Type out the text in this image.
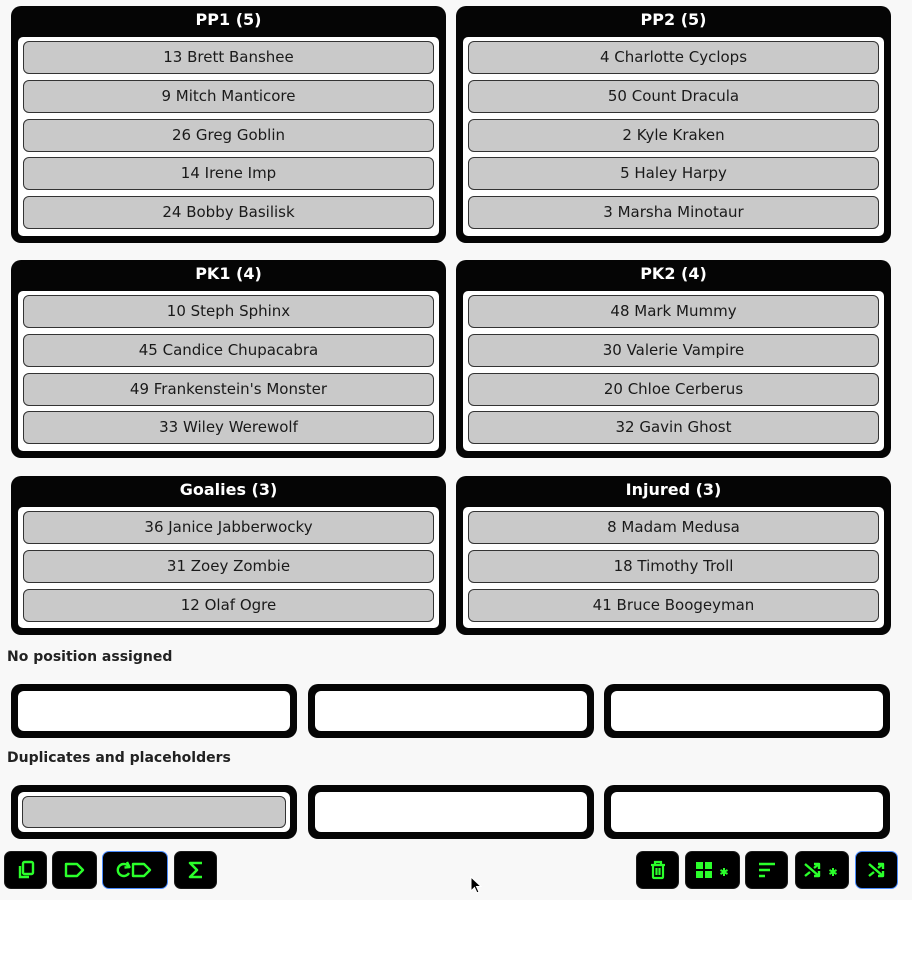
PP1 (5)
13 Brett Banshee
9 Mitch Manticore
26 Greg Goblin
14 Irene Imp
24 Bobby Basilisk
PP2 (5)
4 Charlotte Cyclops
50 Count Dracula
2 Kyle Kraken
5 Haley Harpy
3 Marsha Minotaur
PK1 (4)
10 Steph Sphinx
45 Candice Chupacabra
49 Frankenstein's Monster
33 Wiley Werewolf
PK2 (4)
48 Mark Mummy
30 Valerie Vampire
20 Chloe Cerberus
32 Gavin Ghost
Goalies (3)
36 Janice Jabberwocky
31 Zoey Zombie
12 Olaf Ogre
Injured (3)
8 Madam Medusa
18 Timothy Troll
41 Bruce Boogeyman
No position assigned
Duplicates and placeholders
